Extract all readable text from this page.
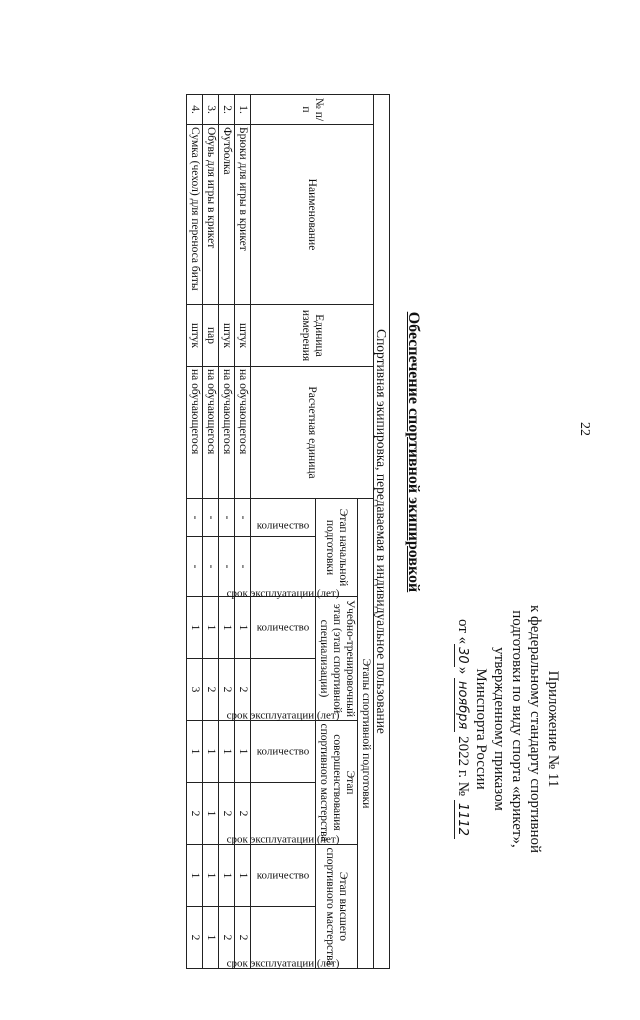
22
Приложение № 11
к федеральному стандарту спортивной
подготовки по виду спорта «крикет»,
утвержденному приказом
Минспорта России
от «30» ноября 2022 г. № 1112
Обеспечение спортивной экипировкой
Спортивная экипировка, передаваемая в индивидуальное пользование											
№ п/п	Наименование	Единица измерения	Расчетная единица	Этапы спортивной подготовки							
				Этап начальной подготовки		Учебно-тренировочный этап (этап спортивной специализации)		Этап совершенствования спортивного мастерства		Этап высшего спортивного мастерства	
				количество	срок эксплуатации (лет)	количество	срок эксплуатации (лет)	количество	срок эксплуатации (лет)	количество	срок эксплуатации (лет)
1.	Брюки для игры в крикет	штук	на обучающегося	-	-	1	2	1	2	1	2
2.	Футболка	штук	на обучающегося	-	-	1	2	1	2	1	2
3.	Обувь для игры в крикет	пар	на обучающегося	-	-	1	2	1	1	1	1
4.	Сумка (чехол) для переноса биты	штук	на обучающегося	-	-	1	3	1	2	1	2
